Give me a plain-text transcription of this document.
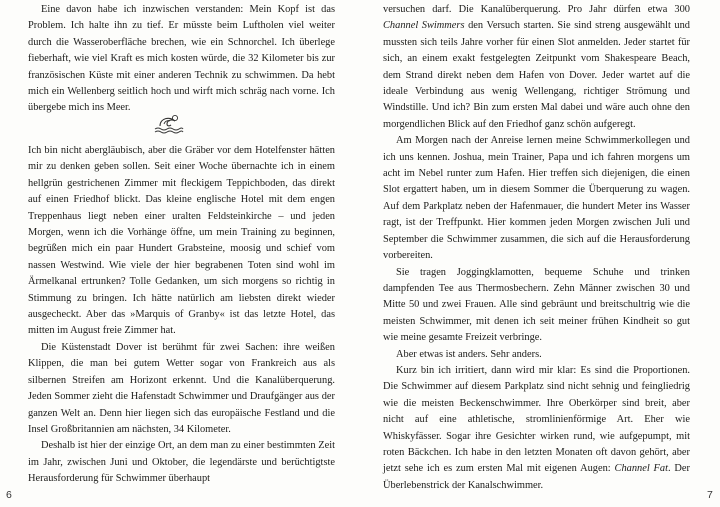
Eine davon habe ich inzwischen verstanden: Mein Kopf ist das Problem. Ich halte ihn zu tief. Er müsste beim Luftholen viel weiter durch die Wasseroberfläche brechen, wie ein Schnorchel. Ich überlege fieberhaft, wie viel Kraft es mich kosten würde, die 32 Kilometer bis zur französischen Küste mit einer anderen Technik zu schwimmen. Da hebt mich ein Wellenberg seitlich hoch und wirft mich schräg nach vorne. Ich übergebe mich ins Meer.

Ich bin nicht abergläubisch, aber die Gräber vor dem Hotelfenster hätten mir zu denken geben sollen. Seit einer Woche übernachte ich in einem hellgrün gestrichenen Zimmer mit fleckigem Teppichboden, das direkt auf einen Friedhof blickt. Das kleine englische Hotel mit dem engen Treppenhaus liegt neben einer uralten Feldsteinkirche – und jeden Morgen, wenn ich die Vorhänge öffne, um mein Training zu beginnen, begrüßen mich ein paar Hundert Grabsteine, moosig und schief vom nassen Westwind. Wie viele der hier begrabenen Toten sind wohl im Ärmelkanal ertrunken? Tolle Gedanken, um sich morgens so richtig in Stimmung zu bringen. Ich hätte natürlich am liebsten direkt wieder ausgecheckt. Aber das »Marquis of Granby« ist das letzte Hotel, das mitten im August freie Zimmer hat.

Die Küstenstadt Dover ist berühmt für zwei Sachen: ihre weißen Klippen, die man bei gutem Wetter sogar von Frankreich aus als silbernen Streifen am Horizont erkennt. Und die Kanalüberquerung. Jeden Sommer zieht die Hafenstadt Schwimmer und Draufgänger aus der ganzen Welt an. Denn hier liegen sich das europäische Festland und die Insel Großbritannien am nächsten, 34 Kilometer.

Deshalb ist hier der einzige Ort, an dem man zu einer bestimmten Zeit im Jahr, zwischen Juni und Oktober, die legendärste und berüchtigtste Herausforderung für Schwimmer überhaupt

6

versuchen darf. Die Kanalüberquerung. Pro Jahr dürfen etwa 300 Channel Swimmers den Versuch starten. Sie sind streng ausgewählt und mussten sich teils Jahre vorher für einen Slot anmelden. Jeder startet für sich, an einem exakt festgelegten Zeitpunkt vom Shakespeare Beach, dem Strand direkt neben dem Hafen von Dover. Jeder wartet auf die ideale Verbindung aus wenig Wellengang, richtiger Strömung und Windstille. Und ich? Bin zum ersten Mal dabei und wäre auch ohne den morgendlichen Blick auf den Friedhof ganz schön aufgeregt.

Am Morgen nach der Anreise lernen meine Schwimmerkollegen und ich uns kennen. Joshua, mein Trainer, Papa und ich fahren morgens um acht im Nebel runter zum Hafen. Hier treffen sich diejenigen, die einen Slot ergattert haben, um in diesem Sommer die Überquerung zu wagen. Auf dem Parkplatz neben der Hafenmauer, die hundert Meter ins Wasser ragt, ist der Treffpunkt. Hier kommen jeden Morgen zwischen Juli und September die Schwimmer zusammen, die sich auf die Herausforderung vorbereiten.

Sie tragen Joggingklamotten, bequeme Schuhe und trinken dampfenden Tee aus Thermosbechern. Zehn Männer zwischen 30 und Mitte 50 und zwei Frauen. Alle sind gebräunt und breitschultrig wie die meisten Schwimmer, mit denen ich seit meiner frühen Kindheit so gut wie meine gesamte Freizeit verbringe.

Aber etwas ist anders. Sehr anders.

Kurz bin ich irritiert, dann wird mir klar: Es sind die Proportionen. Die Schwimmer auf diesem Parkplatz sind nicht sehnig und feingliedrig wie die meisten Beckenschwimmer. Ihre Oberkörper sind breit, aber nicht auf eine athletische, stromlinienförmige Art. Eher wie Whiskyfässer. Sogar ihre Gesichter wirken rund, wie aufgepumpt, mit roten Bäckchen. Ich habe in den letzten Monaten oft davon gehört, aber jetzt sehe ich es zum ersten Mal mit eigenen Augen: Channel Fat. Der Überlebenstrick der Kanalschwimmer.

7
